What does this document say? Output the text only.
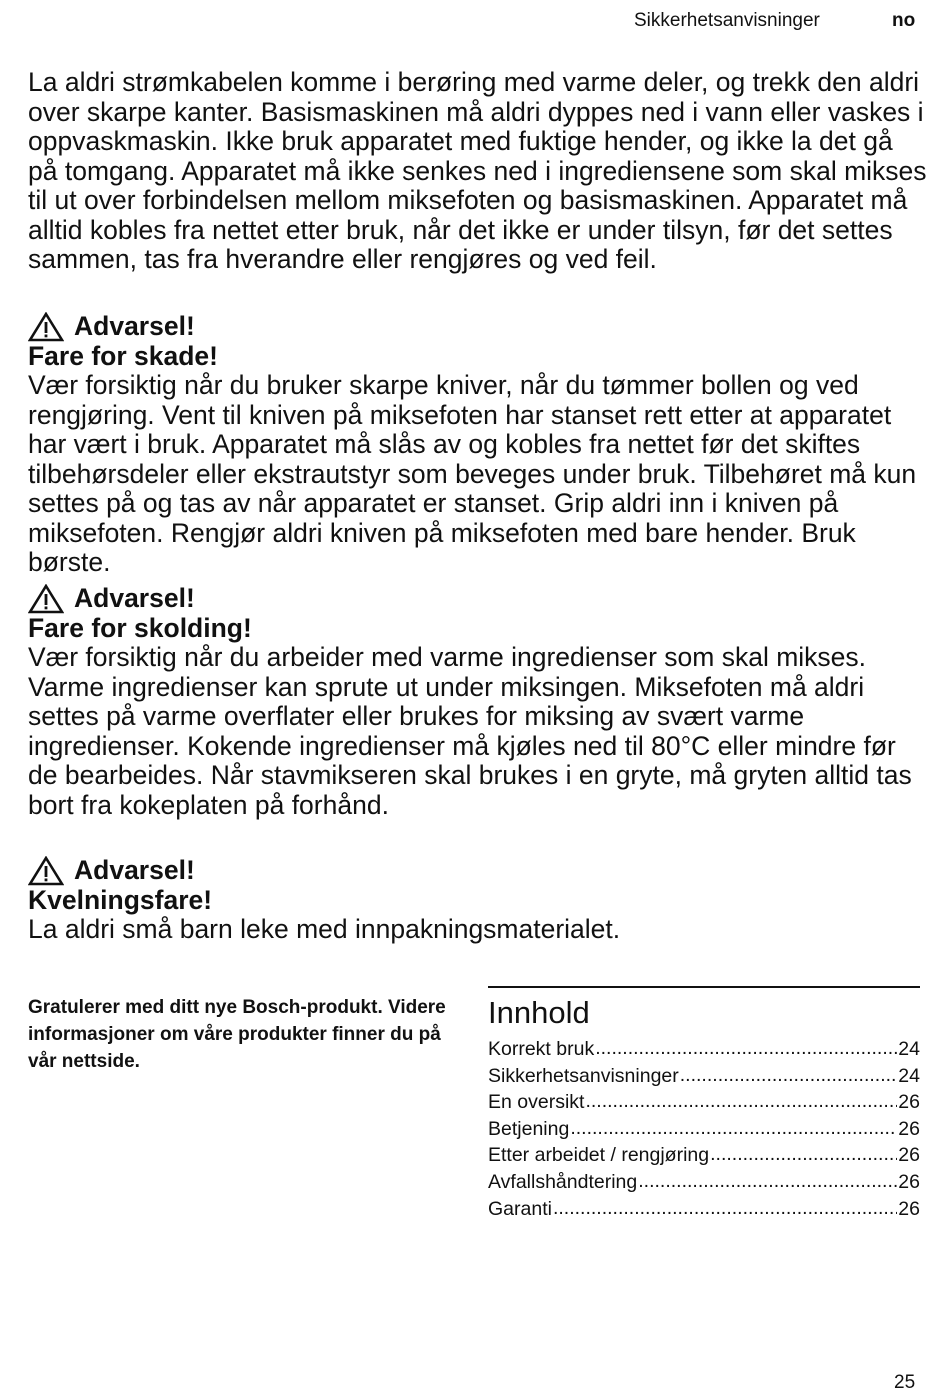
Sikkerhetsanvisninger	no

La aldri strømkabelen komme i berøring med varme deler, og trekk den aldri over skarpe kanter. Basismaskinen må aldri dyppes ned i vann eller vaskes i oppvaskmaskin. Ikke bruk apparatet med fuktige hender, og ikke la det gå på tomgang. Apparatet må ikke senkes ned i ingrediensene som skal mikses til ut over forbindelsen mellom miksefoten og basismaskinen. Apparatet må alltid kobles fra nettet etter bruk, når det ikke er under tilsyn, før det settes sammen, tas fra hverandre eller rengjøres og ved feil.

Advarsel!
Fare for skade!

Vær forsiktig når du bruker skarpe kniver, når du tømmer bollen og ved rengjøring. Vent til kniven på miksefoten har stanset rett etter at apparatet har vært i bruk. Apparatet må slås av og kobles fra nettet før det skiftes tilbehørsdeler eller ekstrautstyr som beveges under bruk. Tilbehøret må kun settes på og tas av når apparatet er stanset. Grip aldri inn i kniven på miksefoten. Rengjør aldri kniven på miksefoten med bare hender. Bruk børste.

Advarsel!
Fare for skolding!

Vær forsiktig når du arbeider med varme ingredienser som skal mikses. Varme ingredienser kan sprute ut under miksingen. Miksefoten må aldri settes på varme overflater eller brukes for miksing av svært varme ingredienser. Kokende ingredienser må kjøles ned til 80°C eller mindre før de bearbeides. Når stavmikseren skal brukes i en gryte, må gryten alltid tas bort fra kokeplaten på forhånd.

Advarsel!
Kvelningsfare!

La aldri små barn leke med innpakningsmaterialet.

Gratulerer med ditt nye Bosch-produkt. Videre informasjoner om våre produkter finner du på vår nettside.

Innhold
Korrekt bruk .....	24
Sikkerhetsanvisninger .....	24
En oversikt .....	26
Betjening .....	26
Etter arbeidet / rengjøring .....	26
Avfallshåndtering .....	26
Garanti .....	26
25
